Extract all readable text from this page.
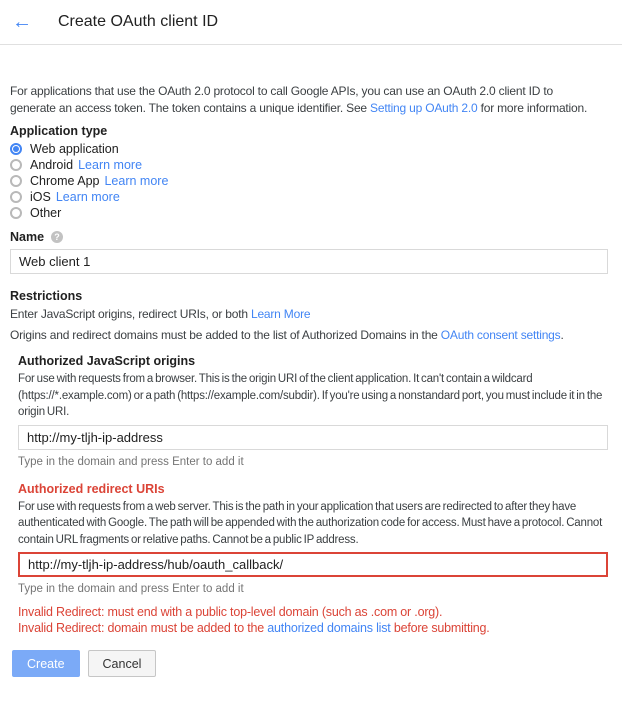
← Create OAuth client ID

For applications that use the OAuth 2.0 protocol to call Google APIs, you can use an OAuth 2.0 client ID to generate an access token. The token contains a unique identifier. See Setting up OAuth 2.0 for more information.

Application type
Web application
Android Learn more
Chrome App Learn more
iOS Learn more
Other
Name	?
Web client 1
Restrictions
Enter JavaScript origins, redirect URIs, or both Learn More
Origins and redirect domains must be added to the list of Authorized Domains in the OAuth consent settings.
Authorized JavaScript origins
For use with requests from a browser. This is the origin URI of the client application. It can't contain a wildcard (https://*.example.com) or a path (https://example.com/subdir). If you're using a nonstandard port, you must include it in the origin URI.
http://my-tljh-ip-address
Type in the domain and press Enter to add it
Authorized redirect URIs
For use with requests from a web server. This is the path in your application that users are redirected to after they have authenticated with Google. The path will be appended with the authorization code for access. Must have a protocol. Cannot contain URL fragments or relative paths. Cannot be a public IP address.
http://my-tljh-ip-address/hub/oauth_callback/
Type in the domain and press Enter to add it
Invalid Redirect: must end with a public top-level domain (such as .com or .org).
Invalid Redirect: domain must be added to the authorized domains list before submitting.
Create	Cancel
